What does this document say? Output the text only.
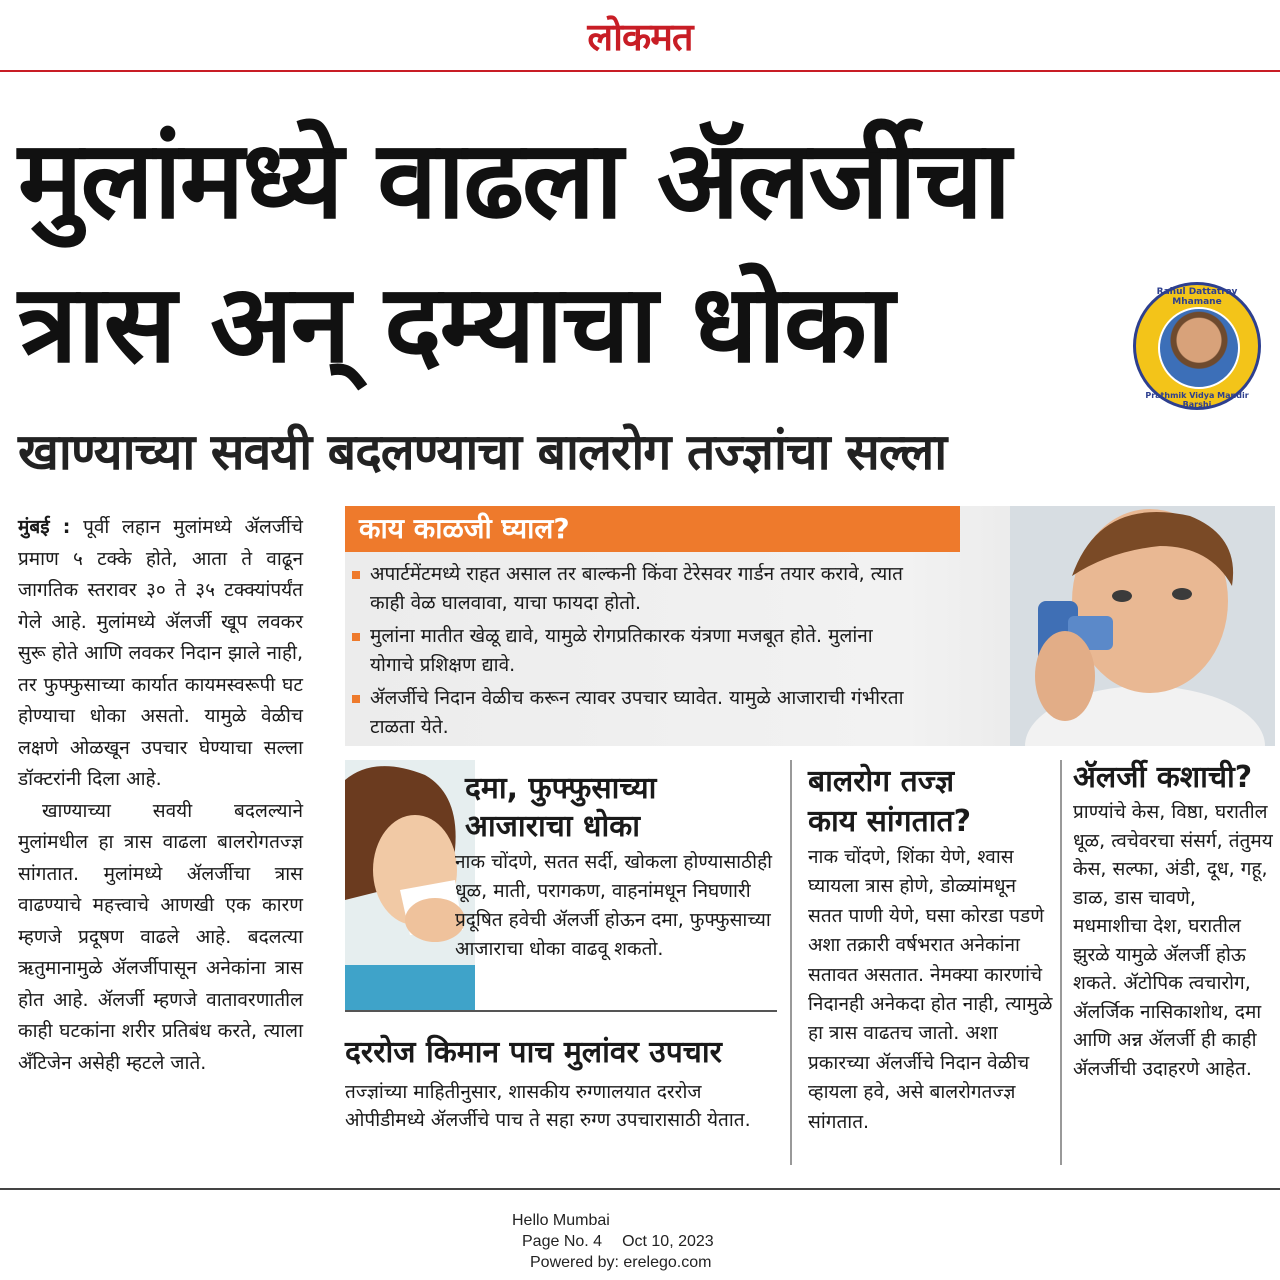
लोकमत
मुलांमध्ये वाढला ॲलर्जीचा
त्रास अन् दम्याचा धोका
खाण्याच्या सवयी बदलण्याचा बालरोग तज्ज्ञांचा सल्ला
Rahul Dattatray Mhamane
Prathmik Vidya Mandir Barshi

मुंबई : पूर्वी लहान मुलांमध्ये ॲलर्जीचे प्रमाण ५ टक्के होते, आता ते वाढून जागतिक स्तरावर ३० ते ३५ टक्क्यांपर्यंत गेले आहे. मुलांमध्ये ॲलर्जी खूप लवकर सुरू होते आणि लवकर निदान झाले नाही, तर फुफ्फुसाच्या कार्यात कायमस्वरूपी घट होण्याचा धोका असतो. यामुळे वेळीच लक्षणे ओळखून उपचार घेण्याचा सल्ला डॉक्टरांनी दिला आहे.

खाण्याच्या सवयी बदलल्याने मुलांमधील हा त्रास वाढला बालरोगतज्ज्ञ सांगतात. मुलांमध्ये ॲलर्जीचा त्रास वाढण्याचे महत्त्वाचे आणखी एक कारण म्हणजे प्रदूषण वाढले आहे. बदलत्या ऋतुमानामुळे ॲलर्जीपासून अनेकांना त्रास होत आहे. ॲलर्जी म्हणजे वातावरणातील काही घटकांना शरीर प्रतिबंध करते, त्याला ॲंटिजेन असेही म्हटले जाते.

काय काळजी घ्याल?
अपार्टमेंटमध्ये राहत असाल तर बाल्कनी किंवा टेरेसवर गार्डन तयार करावे, त्यात काही वेळ घालवावा, याचा फायदा होतो.
मुलांना मातीत खेळू द्यावे, यामुळे रोगप्रतिकारक यंत्रणा मजबूत होते. मुलांना योगाचे प्रशिक्षण द्यावे.
ॲलर्जीचे निदान वेळीच करून त्यावर उपचार घ्यावेत. यामुळे आजाराची गंभीरता टाळता येते.
दमा, फुफ्फुसाच्या
आजाराचा धोका
नाक चोंदणे, सतत सर्दी, खोकला होण्यासाठीही धूळ, माती, परागकण, वाहनांमधून निघणारी प्रदूषित हवेची ॲलर्जी होऊन दमा, फुफ्फुसाच्या आजाराचा धोका वाढवू शकतो.
दररोज किमान पाच मुलांवर उपचार
तज्ज्ञांच्या माहितीनुसार, शासकीय रुग्णालयात दररोज ओपीडीमध्ये ॲलर्जीचे पाच ते सहा रुग्ण उपचारासाठी येतात.
बालरोग तज्ज्ञ
काय सांगतात?
नाक चोंदणे, शिंका येणे, श्वास घ्यायला त्रास होणे, डोळ्यांमधून सतत पाणी येणे, घसा कोरडा पडणे अशा तक्रारी वर्षभरात अनेकांना सतावत असतात. नेमक्या कारणांचे निदानही अनेकदा होत नाही, त्यामुळे हा त्रास वाढतच जातो. अशा प्रकारच्या ॲलर्जीचे निदान वेळीच व्हायला हवे, असे बालरोगतज्ज्ञ सांगतात.
ॲलर्जी कशाची?
प्राण्यांचे केस, विष्ठा, घरातील धूळ, त्वचेवरचा संसर्ग, तंतुमय केस, सल्फा, अंडी, दूध, गहू, डाळ, डास चावणे, मधमाशीचा देश, घरातील झुरळे यामुळे ॲलर्जी होऊ शकते. ॲटोपिक त्वचारोग, ॲलर्जिक नासिकाशोथ, दमा आणि अन्न ॲलर्जी ही काही ॲलर्जीची उदाहरणे आहेत.
Hello Mumbai
Page No. 4 Oct 10, 2023
Powered by: erelego.com
